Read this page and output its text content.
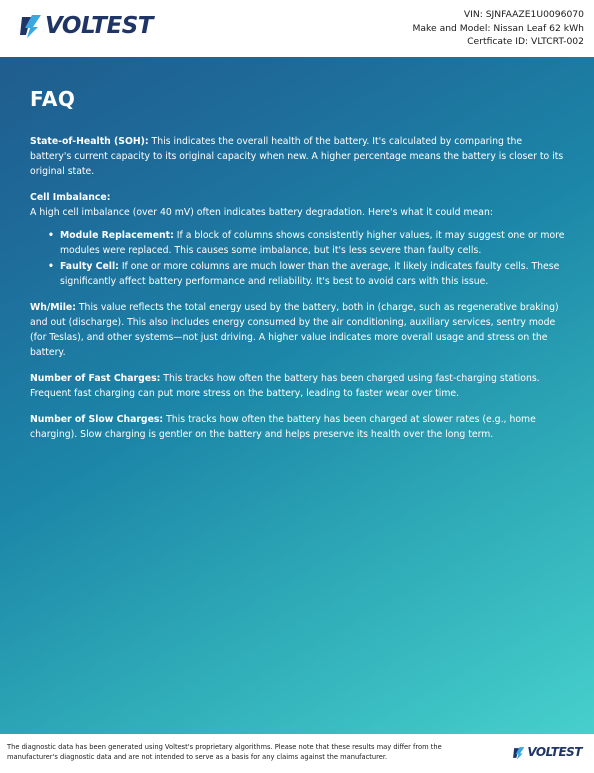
VOLTEST	VIN: SJNFAAZE1U0096070
Make and Model: Nissan Leaf 62 kWh
Certficate ID: VLTCRT-002
FAQ

State-of-Health (SOH): This indicates the overall health of the battery. It's calculated by comparing the battery's current capacity to its original capacity when new. A higher percentage means the battery is closer to its original state.

Cell Imbalance:
A high cell imbalance (over 40 mV) often indicates battery degradation. Here's what it could mean:
• Module Replacement: If a block of columns shows consistently higher values, it may suggest one or more modules were replaced. This causes some imbalance, but it's less severe than faulty cells.
• Faulty Cell: If one or more columns are much lower than the average, it likely indicates faulty cells. These significantly affect battery performance and reliability. It's best to avoid cars with this issue.

Wh/Mile: This value reflects the total energy used by the battery, both in (charge, such as regenerative braking) and out (discharge). This also includes energy consumed by the air conditioning, auxiliary services, sentry mode (for Teslas), and other systems—not just driving. A higher value indicates more overall usage and stress on the battery.

Number of Fast Charges: This tracks how often the battery has been charged using fast-charging stations. Frequent fast charging can put more stress on the battery, leading to faster wear over time.

Number of Slow Charges: This tracks how often the battery has been charged at slower rates (e.g., home charging). Slow charging is gentler on the battery and helps preserve its health over the long term.

The diagnostic data has been generated using Voltest's proprietary algorithms. Please note that these results may differ from the manufacturer's diagnostic data and are not intended to serve as a basis for any claims against the manufacturer.	VOLTEST
